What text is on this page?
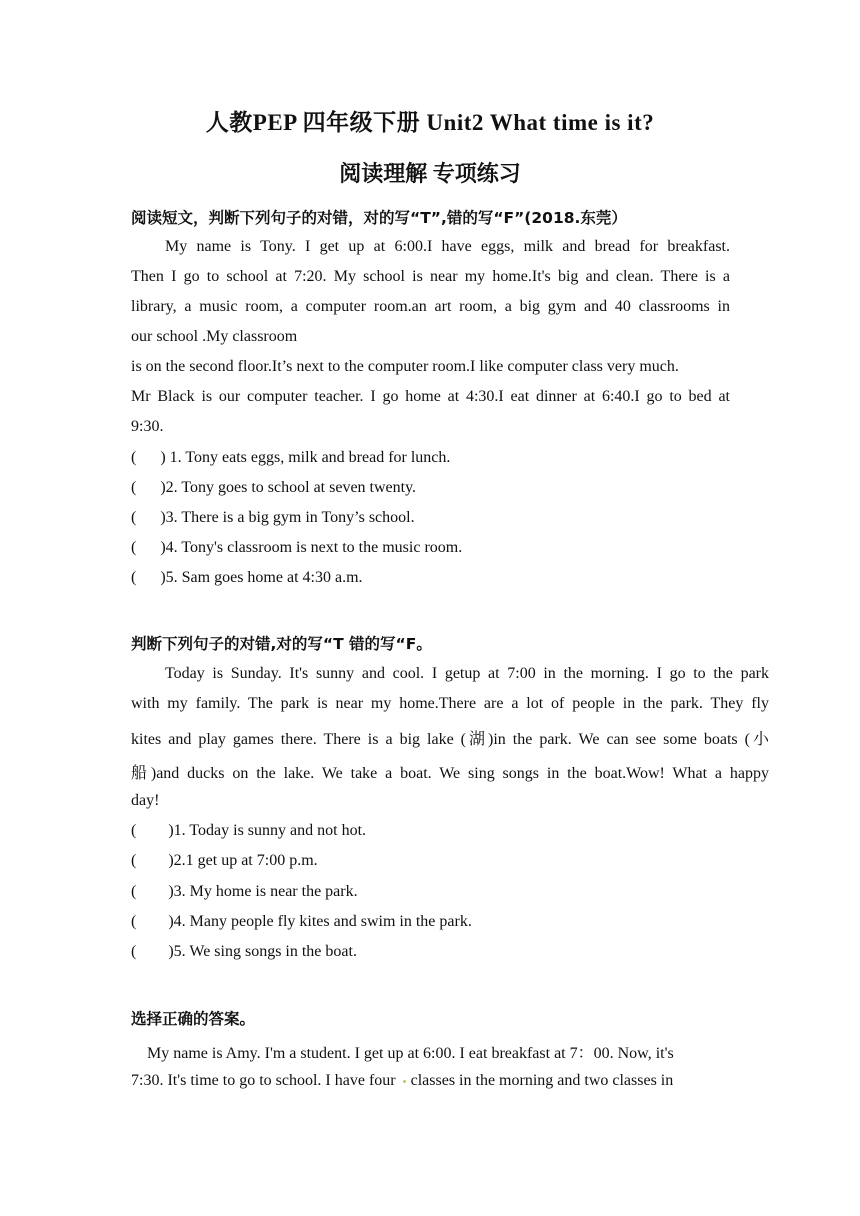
人教PEP 四年级下册 Unit2 What time is it?
阅读理解 专项练习
阅读短文，判断下列句子的对错，对的写“T”,错的写“F”(2018.东莞）
My name is Tony. I get up at 6:00.I have eggs, milk and bread for breakfast.
Then I go to school at 7:20. My school is near my home.It's big and clean. There is a
library, a music room, a computer room.an art room, a big gym and 40 classrooms in
our school .My classroom
is on the second floor.It’s next to the computer room.I like computer class very much.
Mr Black is our computer teacher. I go home at 4:30.I eat dinner at 6:40.I go to bed at
9:30.
(      ) 1. Tony eats eggs, milk and bread for lunch.
(      )2. Tony goes to school at seven twenty.
(      )3. There is a big gym in Tony’s school.
(      )4. Tony's classroom is next to the music room.
(      )5. Sam goes home at 4:30 a.m.
判断下列句子的对错,对的写“T 错的写“F。
Today is Sunday. It's sunny and cool. I getup at 7:00 in the morning. I go to the park
with my family. The park is near my home.There are a lot of people in the park. They fly
kites and play games there. There is a big lake (湖)in the park. We can see some boats (小
船)and ducks on the lake. We take a boat. We sing songs in the boat.Wow! What a happy
day!
(        )1. Today is sunny and not hot.
(        )2.1 get up at 7:00 p.m.
(        )3. My home is near the park.
(        )4. Many people fly kites and swim in the park.
(        )5. We sing songs in the boat.
选择正确的答案。
My name is Amy. I'm a student. I get up at 6:00. I eat breakfast at 7：00. Now, it's
7:30. It's time to go to school. I have four classes in the morning and two classes in
